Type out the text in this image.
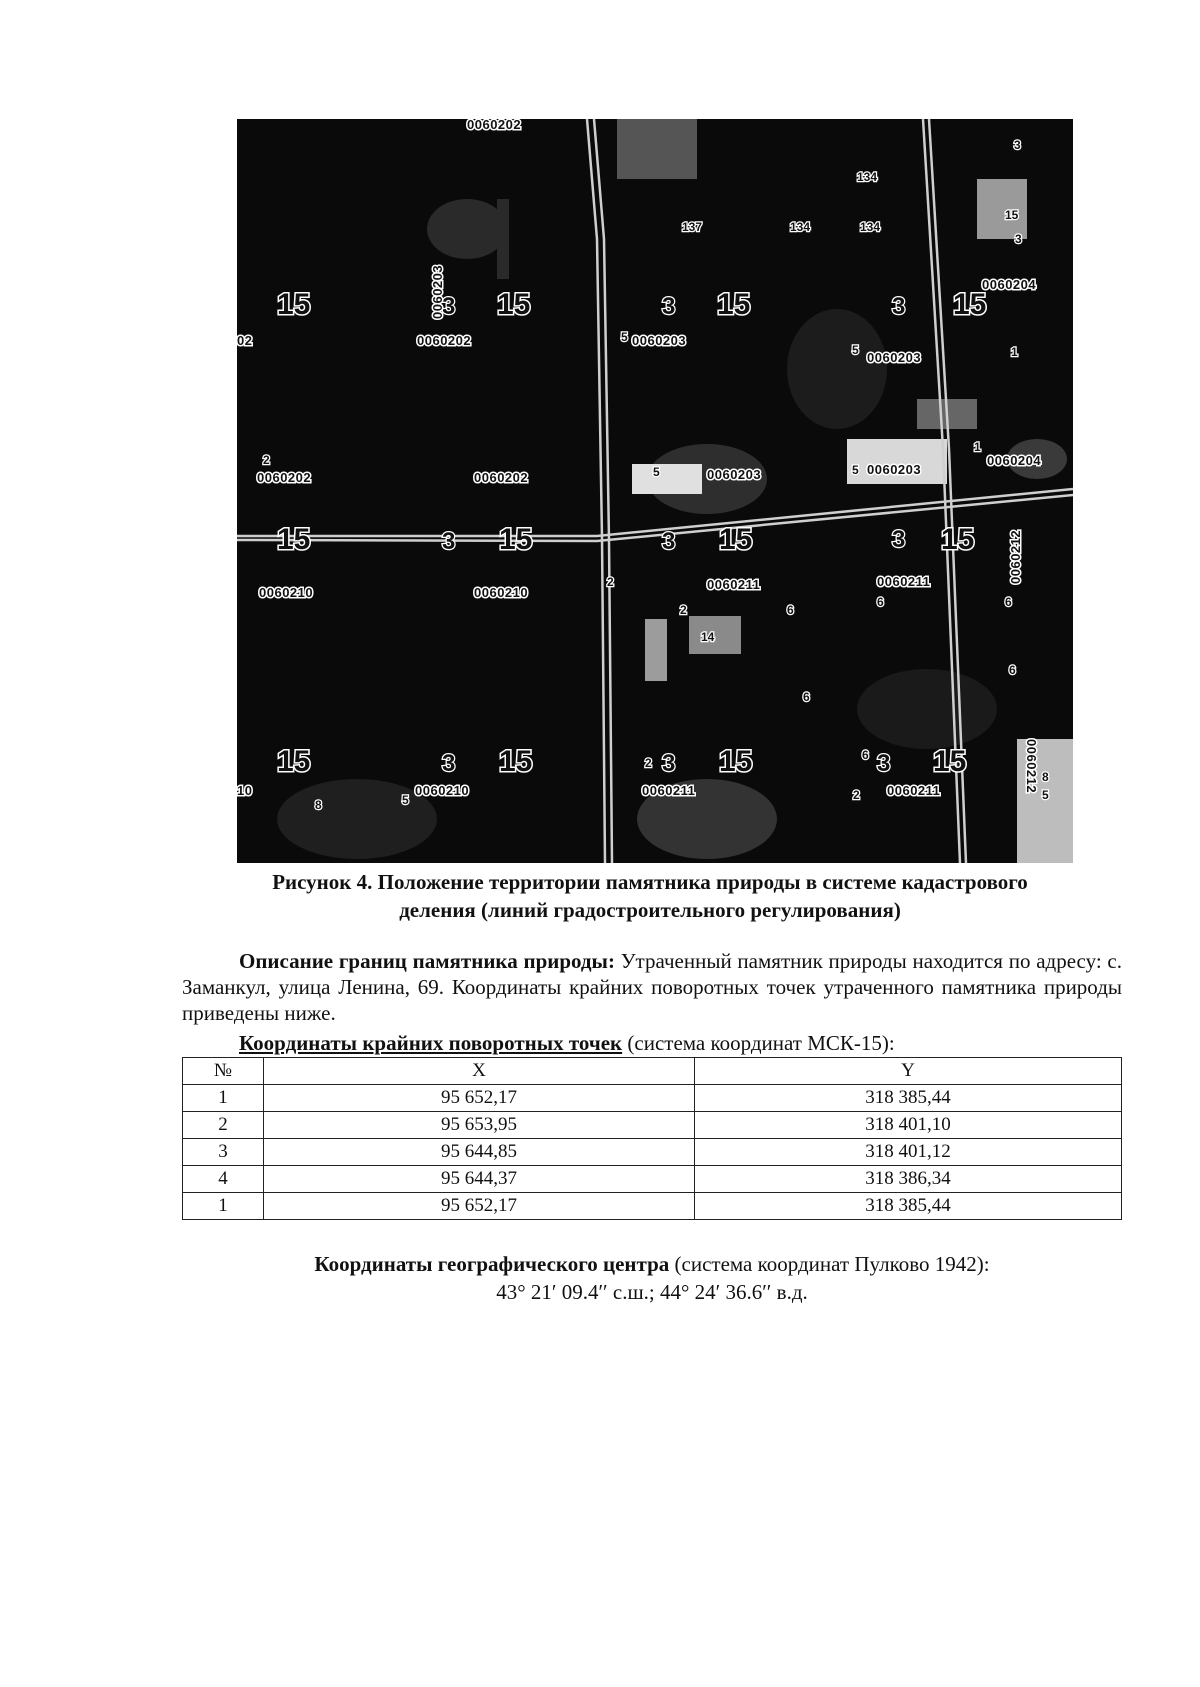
15	15	15	15
15	15	15	15
15	15	15	15
3	3	3
3	3	3
3	3	3
0060202
0060202
0060202	0060202
0060203
0060203
0060203	0060203
0060204
0060204
0060210	0060210
0060210
0060211	0060211
0060211	0060211
0060212
0060212
0060203
137	134	134
134
3
15
3
1
1
5
5
5	5
2
2
2
2
2
6
6	6
6
6
6
14
8	5
8
5
02
10
Рисунок 4. Положение территории памятника природы в системе кадастрового
деления (линий градостроительного регулирования)
Описание границ памятника природы: Утраченный памятник природы находится по адресу: с. Заманкул, улица Ленина, 69. Координаты крайних поворотных точек утраченного памятника природы приведены ниже.
Координаты крайних поворотных точек (система координат МСК-15):
№	X	Y
1	95 652,17	318 385,44
2	95 653,95	318 401,10
3	95 644,85	318 401,12
4	95 644,37	318 386,34
1	95 652,17	318 385,44
Координаты географического центра (система координат Пулково 1942):
43° 21′ 09.4′′ с.ш.; 44° 24′ 36.6′′ в.д.
